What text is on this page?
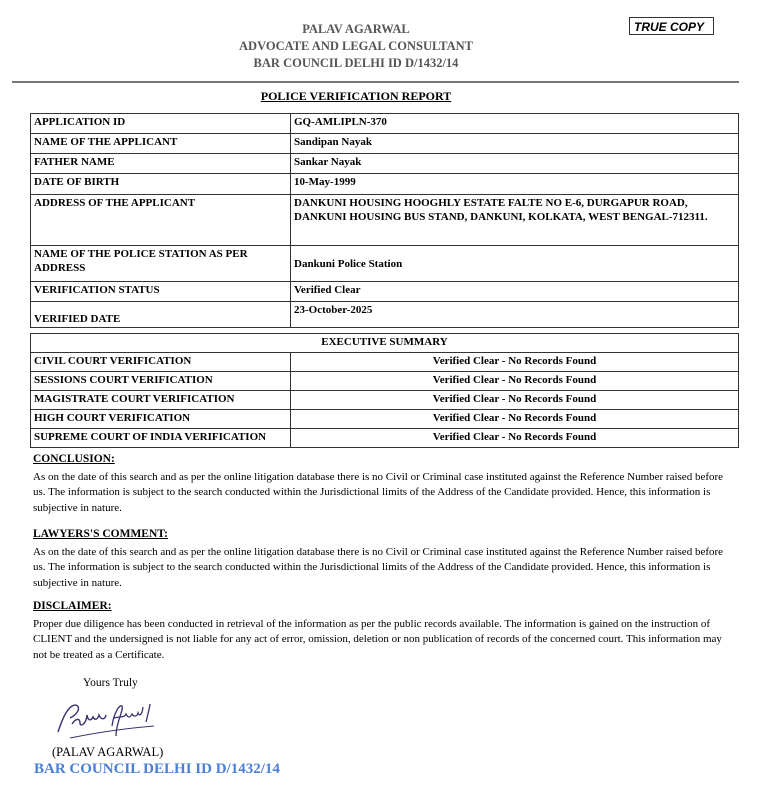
PALAV AGARWAL
ADVOCATE AND LEGAL CONSULTANT
BAR COUNCIL DELHI ID D/1432/14
TRUE COPY
POLICE VERIFICATION REPORT
APPLICATION ID	GQ-AMLIPLN-370
NAME OF THE APPLICANT	Sandipan Nayak
FATHER NAME	Sankar Nayak
DATE OF BIRTH	10-May-1999
ADDRESS OF THE APPLICANT	DANKUNI HOUSING HOOGHLY ESTATE FALTE NO E-6, DURGAPUR ROAD, DANKUNI HOUSING BUS STAND, DANKUNI, KOLKATA, WEST BENGAL-712311.
NAME OF THE POLICE STATION AS PER ADDRESS	Dankuni Police Station
VERIFICATION STATUS	Verified Clear
VERIFIED DATE	23-October-2025
EXECUTIVE SUMMARY	
CIVIL COURT VERIFICATION	Verified Clear - No Records Found
SESSIONS COURT VERIFICATION	Verified Clear - No Records Found
MAGISTRATE COURT VERIFICATION	Verified Clear - No Records Found
HIGH COURT VERIFICATION	Verified Clear - No Records Found
SUPREME COURT OF INDIA VERIFICATION	Verified Clear - No Records Found
CONCLUSION:

As on the date of this search and as per the online litigation database there is no Civil or Criminal case instituted against the Reference Number raised before us. The information is subject to the search conducted within the Jurisdictional limits of the Address of the Candidate provided. Hence, this information is subjective in nature.

LAWYERS'S COMMENT:

As on the date of this search and as per the online litigation database there is no Civil or Criminal case instituted against the Reference Number raised before us. The information is subject to the search conducted within the Jurisdictional limits of the Address of the Candidate provided. Hence, this information is subjective in nature.

DISCLAIMER:

Proper due diligence has been conducted in retrieval of the information as per the public records available. The information is gained on the instruction of CLIENT and the undersigned is not liable for any act of error, omission, deletion or non publication of records of the concerned court. This information may not be treated as a Certificate.

Yours Truly
(PALAV AGARWAL)
BAR COUNCIL DELHI ID D/1432/14
